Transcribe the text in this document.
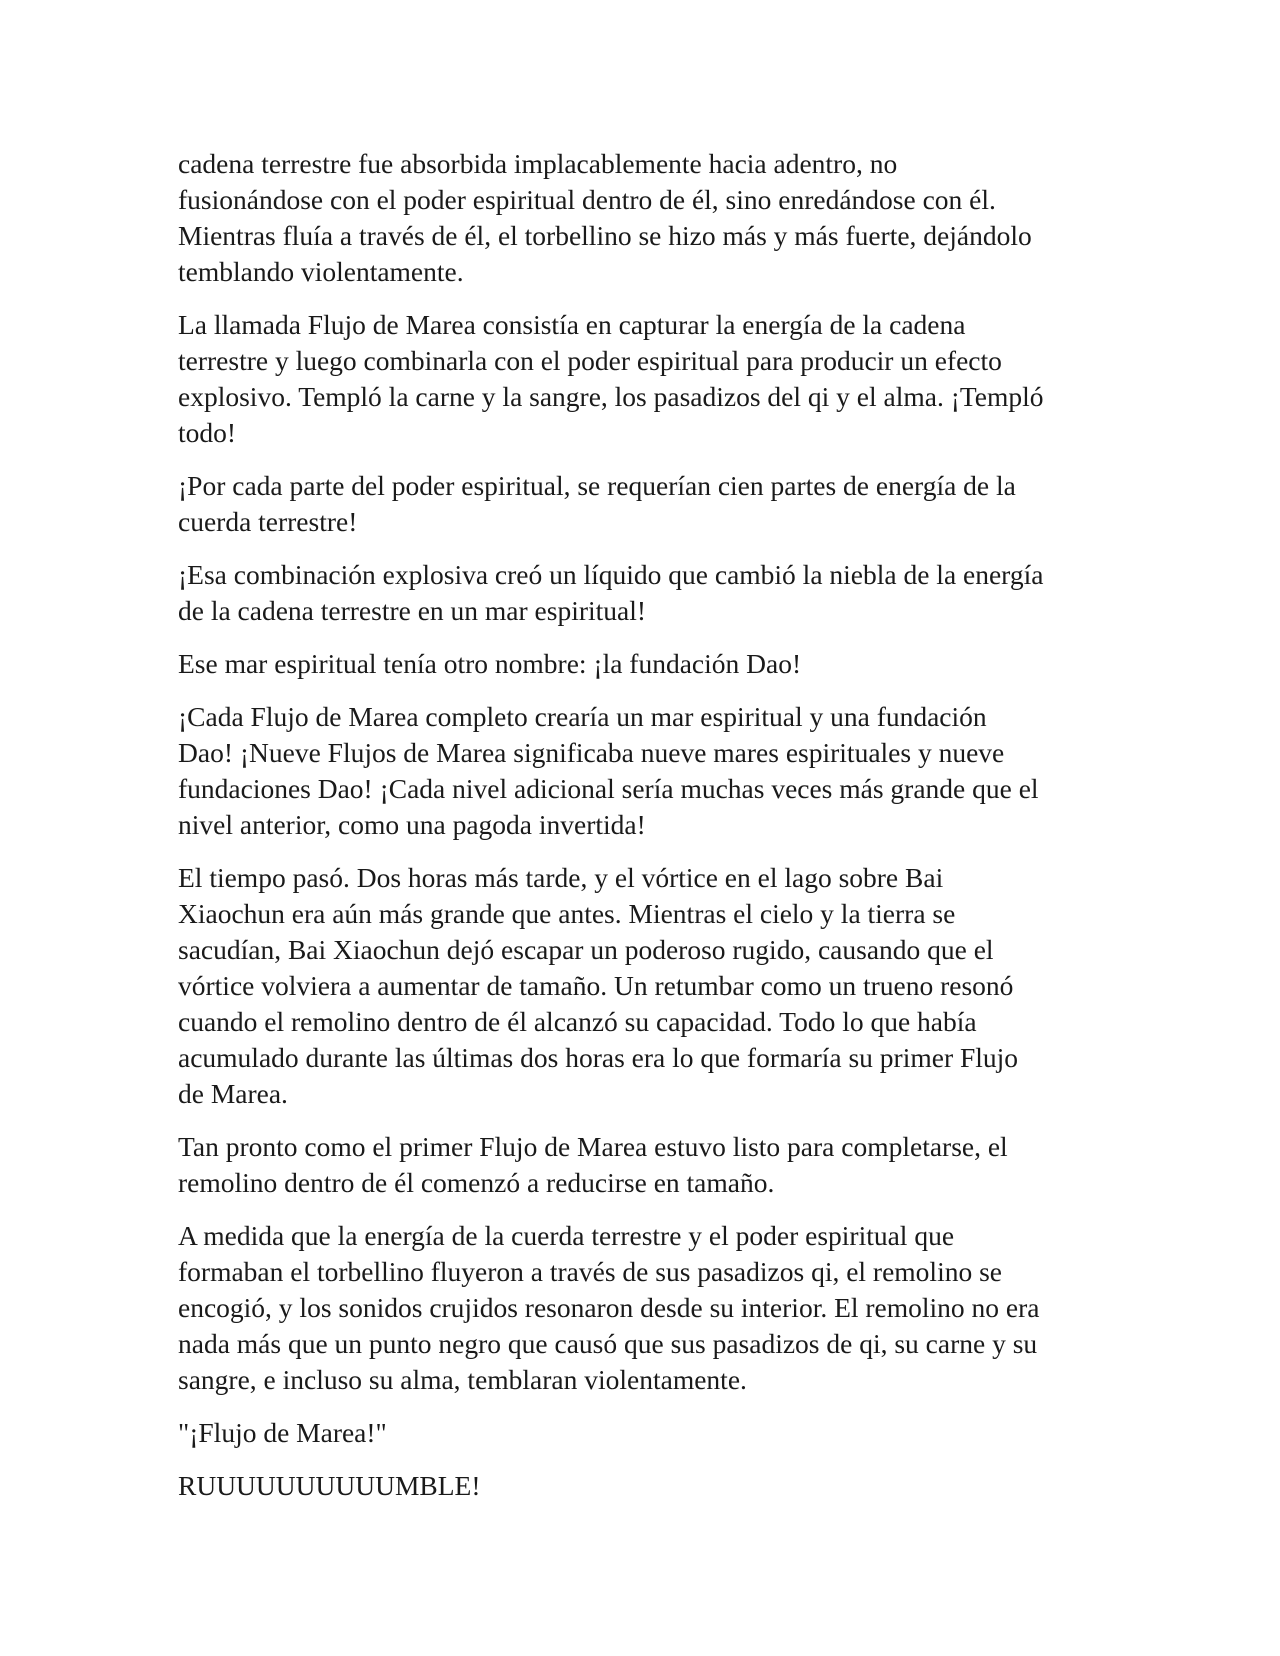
cadena terrestre fue absorbida implacablemente hacia adentro, no
fusionándose con el poder espiritual dentro de él, sino enredándose con él.
Mientras fluía a través de él, el torbellino se hizo más y más fuerte, dejándolo
temblando violentamente.

La llamada Flujo de Marea consistía en capturar la energía de la cadena
terrestre y luego combinarla con el poder espiritual para producir un efecto
explosivo. Templó la carne y la sangre, los pasadizos del qi y el alma. ¡Templó
todo!

¡Por cada parte del poder espiritual, se requerían cien partes de energía de la
cuerda terrestre!

¡Esa combinación explosiva creó un líquido que cambió la niebla de la energía
de la cadena terrestre en un mar espiritual!

Ese mar espiritual tenía otro nombre: ¡la fundación Dao!

¡Cada Flujo de Marea completo crearía un mar espiritual y una fundación
Dao! ¡Nueve Flujos de Marea significaba nueve mares espirituales y nueve
fundaciones Dao! ¡Cada nivel adicional sería muchas veces más grande que el
nivel anterior, como una pagoda invertida!

El tiempo pasó. Dos horas más tarde, y el vórtice en el lago sobre Bai
Xiaochun era aún más grande que antes. Mientras el cielo y la tierra se
sacudían, Bai Xiaochun dejó escapar un poderoso rugido, causando que el
vórtice volviera a aumentar de tamaño. Un retumbar como un trueno resonó
cuando el remolino dentro de él alcanzó su capacidad. Todo lo que había
acumulado durante las últimas dos horas era lo que formaría su primer Flujo
de Marea.

Tan pronto como el primer Flujo de Marea estuvo listo para completarse, el
remolino dentro de él comenzó a reducirse en tamaño.

A medida que la energía de la cuerda terrestre y el poder espiritual que
formaban el torbellino fluyeron a través de sus pasadizos qi, el remolino se
encogió, y los sonidos crujidos resonaron desde su interior. El remolino no era
nada más que un punto negro que causó que sus pasadizos de qi, su carne y su
sangre, e incluso su alma, temblaran violentamente.

"¡Flujo de Marea!"

RUUUUUUUUUUMBLE!
